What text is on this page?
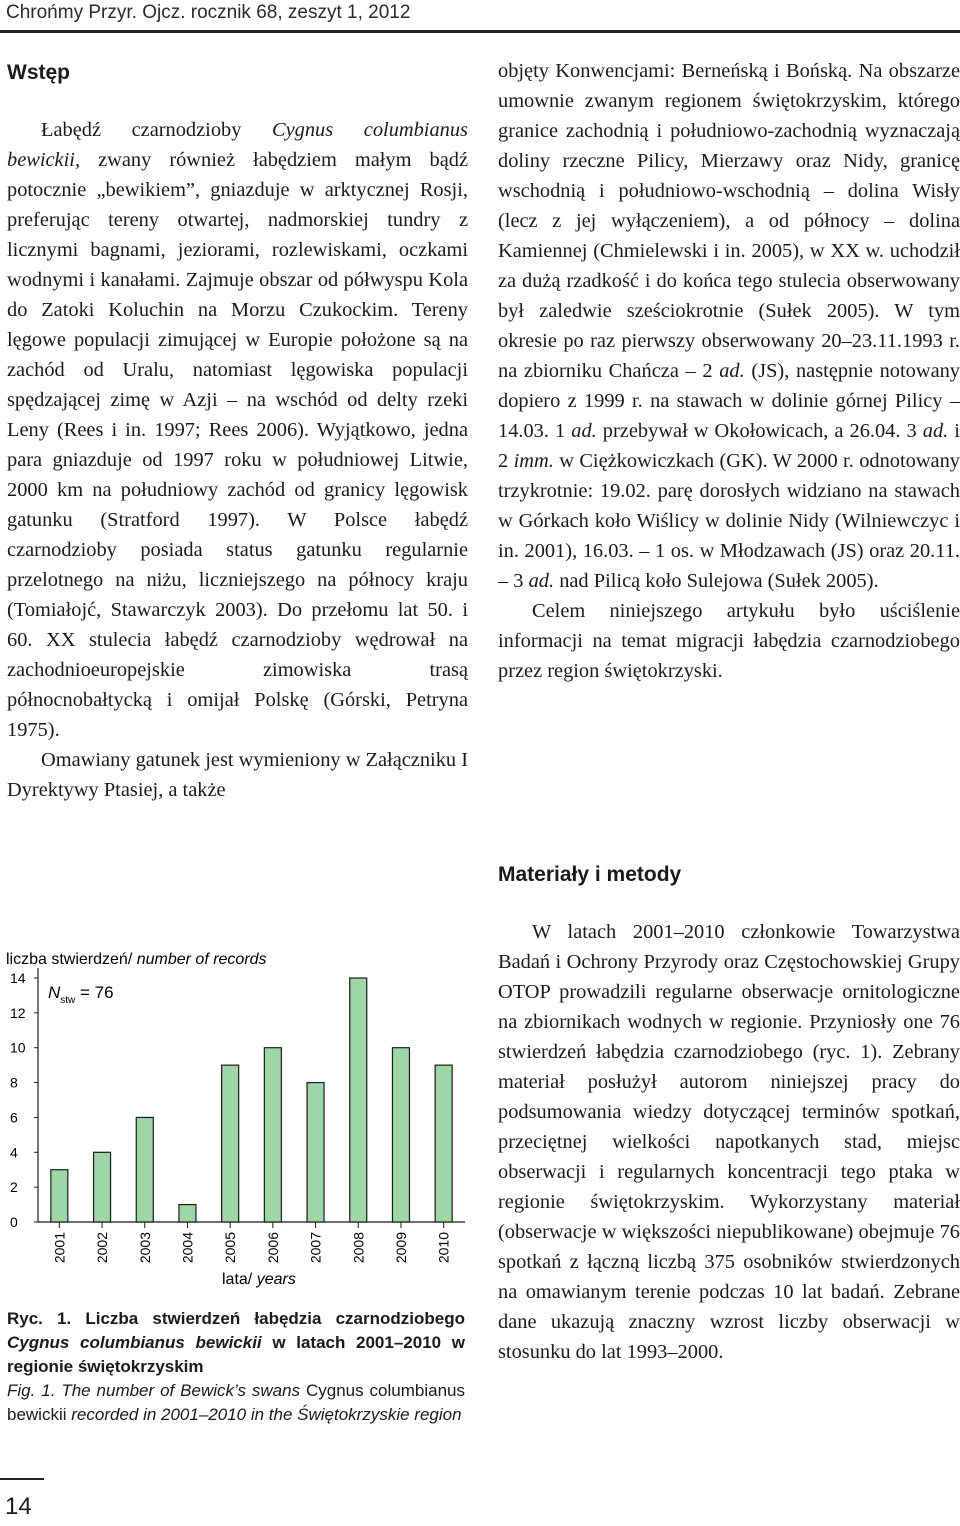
Chrońmy Przyr. Ojcz. rocznik 68, zeszyt 1, 2012
Wstęp

Łabędź czarnodzioby Cygnus columbianus bewickii, zwany również łabędziem małym bądź potocznie „bewikiem”, gniazduje w arktycznej Rosji, preferując tereny otwartej, nadmorskiej tundry z licznymi bagnami, jeziorami, rozlewiskami, oczkami wodnymi i kanałami. Zajmuje obszar od półwyspu Kola do Zatoki Koluchin na Morzu Czukockim. Tereny lęgowe populacji zimującej w Europie położone są na zachód od Uralu, natomiast lęgowiska populacji spędzającej zimę w Azji – na wschód od delty rzeki Leny (Rees i in. 1997; Rees 2006). Wyjątkowo, jedna para gniazduje od 1997 roku w południowej Litwie, 2000 km na południowy zachód od granicy lęgowisk gatunku (Stratford 1997). W Polsce łabędź czarnodzioby posiada status gatunku regularnie przelotnego na niżu, liczniejszego na północy kraju (Tomiałojć, Stawarczyk 2003). Do przełomu lat 50. i 60. XX stulecia łabędź czarnodzioby wędrował na zachodnioeuropejskie zimowiska trasą północnobałtycką i omijał Polskę (Górski, Petryna 1975).

Omawiany gatunek jest wymieniony w Załączniku I Dyrektywy Ptasiej, a także

objęty Konwencjami: Berneńską i Bońską. Na obszarze umownie zwanym regionem świętokrzyskim, którego granice zachodnią i południowo-zachodnią wyznaczają doliny rzeczne Pilicy, Mierzawy oraz Nidy, granicę wschodnią i południowo-wschodnią – dolina Wisły (lecz z jej wyłączeniem), a od północy – dolina Kamiennej (Chmielewski i in. 2005), w XX w. uchodził za dużą rzadkość i do końca tego stulecia obserwowany był zaledwie sześciokrotnie (Sułek 2005). W tym okresie po raz pierwszy obserwowany 20–23.11.1993 r. na zbiorniku Chańcza – 2 ad. (JS), następnie notowany dopiero z 1999 r. na stawach w dolinie górnej Pilicy – 14.03. 1 ad. przebywał w Okołowicach, a 26.04. 3 ad. i 2 imm. w Ciężkowiczkach (GK). W 2000 r. odnotowany trzykrotnie: 19.02. parę dorosłych widziano na stawach w Górkach koło Wiślicy w dolinie Nidy (Wilniewczyc i in. 2001), 16.03. – 1 os. w Młodzawach (JS) oraz 20.11. – 3 ad. nad Pilicą koło Sulejowa (Sułek 2005).

Celem niniejszego artykułu było uściślenie informacji na temat migracji łabędzia czarnodziobego przez region świętokrzyski.

Materiały i metody

W latach 2001–2010 członkowie Towarzystwa Badań i Ochrony Przyrody oraz Częstochowskiej Grupy OTOP prowadzili regularne obserwacje ornitologiczne na zbiornikach wodnych w regionie. Przyniosły one 76 stwierdzeń łabędzia czarnodziobego (ryc. 1). Zebrany materiał posłużył autorom niniejszej pracy do podsumowania wiedzy dotyczącej terminów spotkań, przeciętnej wielkości napotkanych stad, miejsc obserwacji i regularnych koncentracji tego ptaka w regionie świętokrzyskim. Wykorzystany materiał (obserwacje w większości niepublikowane) obejmuje 76 spotkań z łączną liczbą 375 osobników stwierdzonych na omawianym terenie podczas 10 lat badań. Zebrane dane ukazują znaczny wzrost liczby obserwacji w stosunku do lat 1993–2000.

liczba stwierdzeń/ number of records
$N_{stw} = 76$
0
2
4
6
8
10
12
14
2001 2002 2003 2004 2005 2006 2007 2008 2009 2010
lata/ years
Ryc. 1. Liczba stwierdzeń łabędzia czarnodziobego Cygnus columbianus bewickii w latach 2001–2010 w regionie świętokrzyskim
Fig. 1. The number of Bewick’s swans Cygnus columbianus bewickii recorded in 2001–2010 in the Świętokrzyskie region
14
